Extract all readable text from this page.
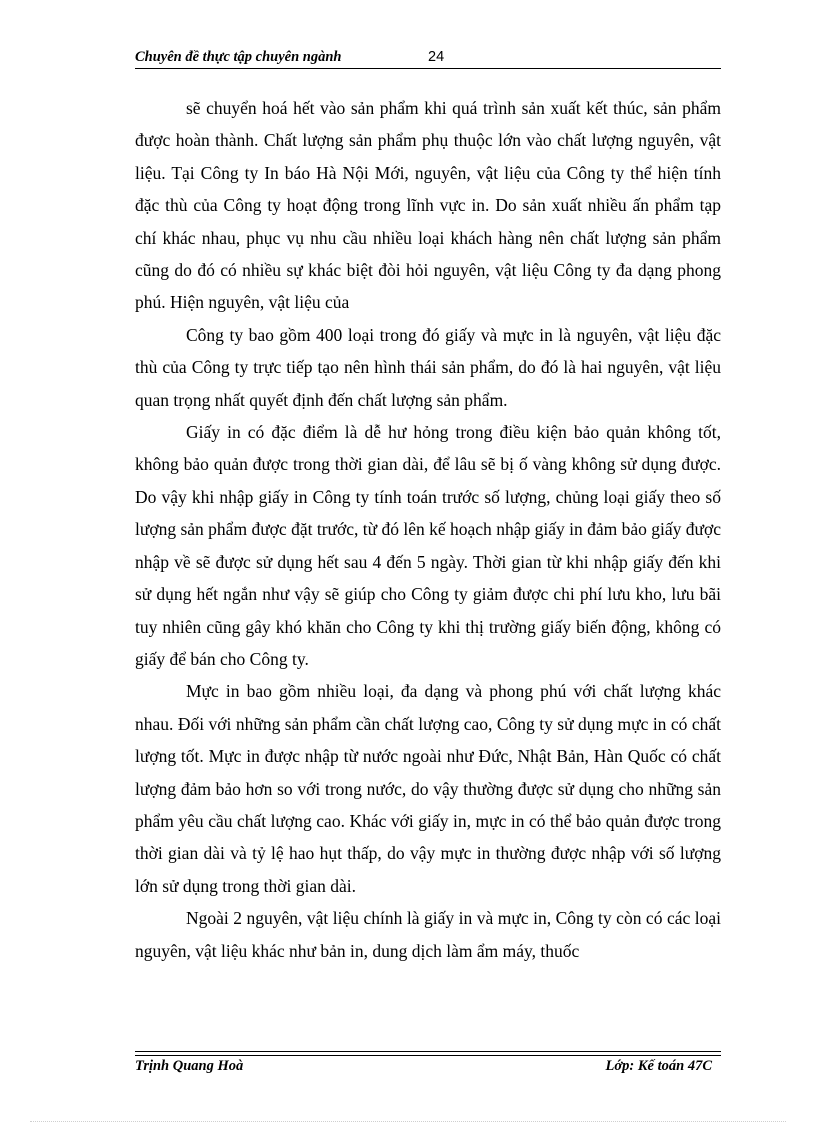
Chuyên đề thực tập chuyên ngành	24

sẽ chuyển hoá hết vào sản phẩm khi quá trình sản xuất kết thúc, sản phẩm được hoàn thành. Chất lượng sản phẩm phụ thuộc lớn vào chất lượng nguyên, vật liệu. Tại Công ty In báo Hà Nội Mới, nguyên, vật liệu của Công ty thể hiện tính đặc thù của Công ty hoạt động trong lĩnh vực in. Do sản xuất nhiều ấn phẩm tạp chí khác nhau, phục vụ nhu cầu nhiều loại khách hàng nên chất lượng sản phẩm cũng do đó có nhiều sự khác biệt đòi hỏi nguyên, vật liệu Công ty đa dạng phong phú. Hiện nguyên, vật liệu của

Công ty bao gồm 400 loại trong đó giấy và mực in là nguyên, vật liệu đặc thù của Công ty trực tiếp tạo nên hình thái sản phẩm, do đó là hai nguyên, vật liệu quan trọng nhất quyết định đến chất lượng sản phẩm.

Giấy in có đặc điểm là dễ hư hỏng trong điều kiện bảo quản không tốt, không bảo quản được trong thời gian dài, để lâu sẽ bị ố vàng không sử dụng được. Do vậy khi nhập giấy in Công ty tính toán trước số lượng, chủng loại giấy theo số lượng sản phẩm được đặt trước, từ đó lên kế hoạch nhập giấy in đảm bảo giấy được nhập về sẽ được sử dụng hết sau 4 đến 5 ngày. Thời gian từ khi nhập giấy đến khi sử dụng hết ngắn như vậy sẽ giúp cho Công ty giảm được chi phí lưu kho, lưu bãi tuy nhiên cũng gây khó khăn cho Công ty khi thị trường giấy biến động, không có giấy để bán cho Công ty.

Mực in bao gồm nhiều loại, đa dạng và phong phú với chất lượng khác nhau. Đối với những sản phẩm cần chất lượng cao, Công ty sử dụng mực in có chất lượng tốt. Mực in được nhập từ nước ngoài như Đức, Nhật Bản, Hàn Quốc có chất lượng đảm bảo hơn so với trong nước, do vậy thường được sử dụng cho những sản phẩm yêu cầu chất lượng cao. Khác với giấy in, mực in có thể bảo quản được trong thời gian dài và tỷ lệ hao hụt thấp, do vậy mực in thường được nhập với số lượng lớn sử dụng trong thời gian dài.

Ngoài 2 nguyên, vật liệu chính là giấy in và mực in, Công ty còn có các loại nguyên, vật liệu khác như bản in, dung dịch làm ẩm máy, thuốc

Trịnh Quang Hoà	Lớp: Kế toán 47C
